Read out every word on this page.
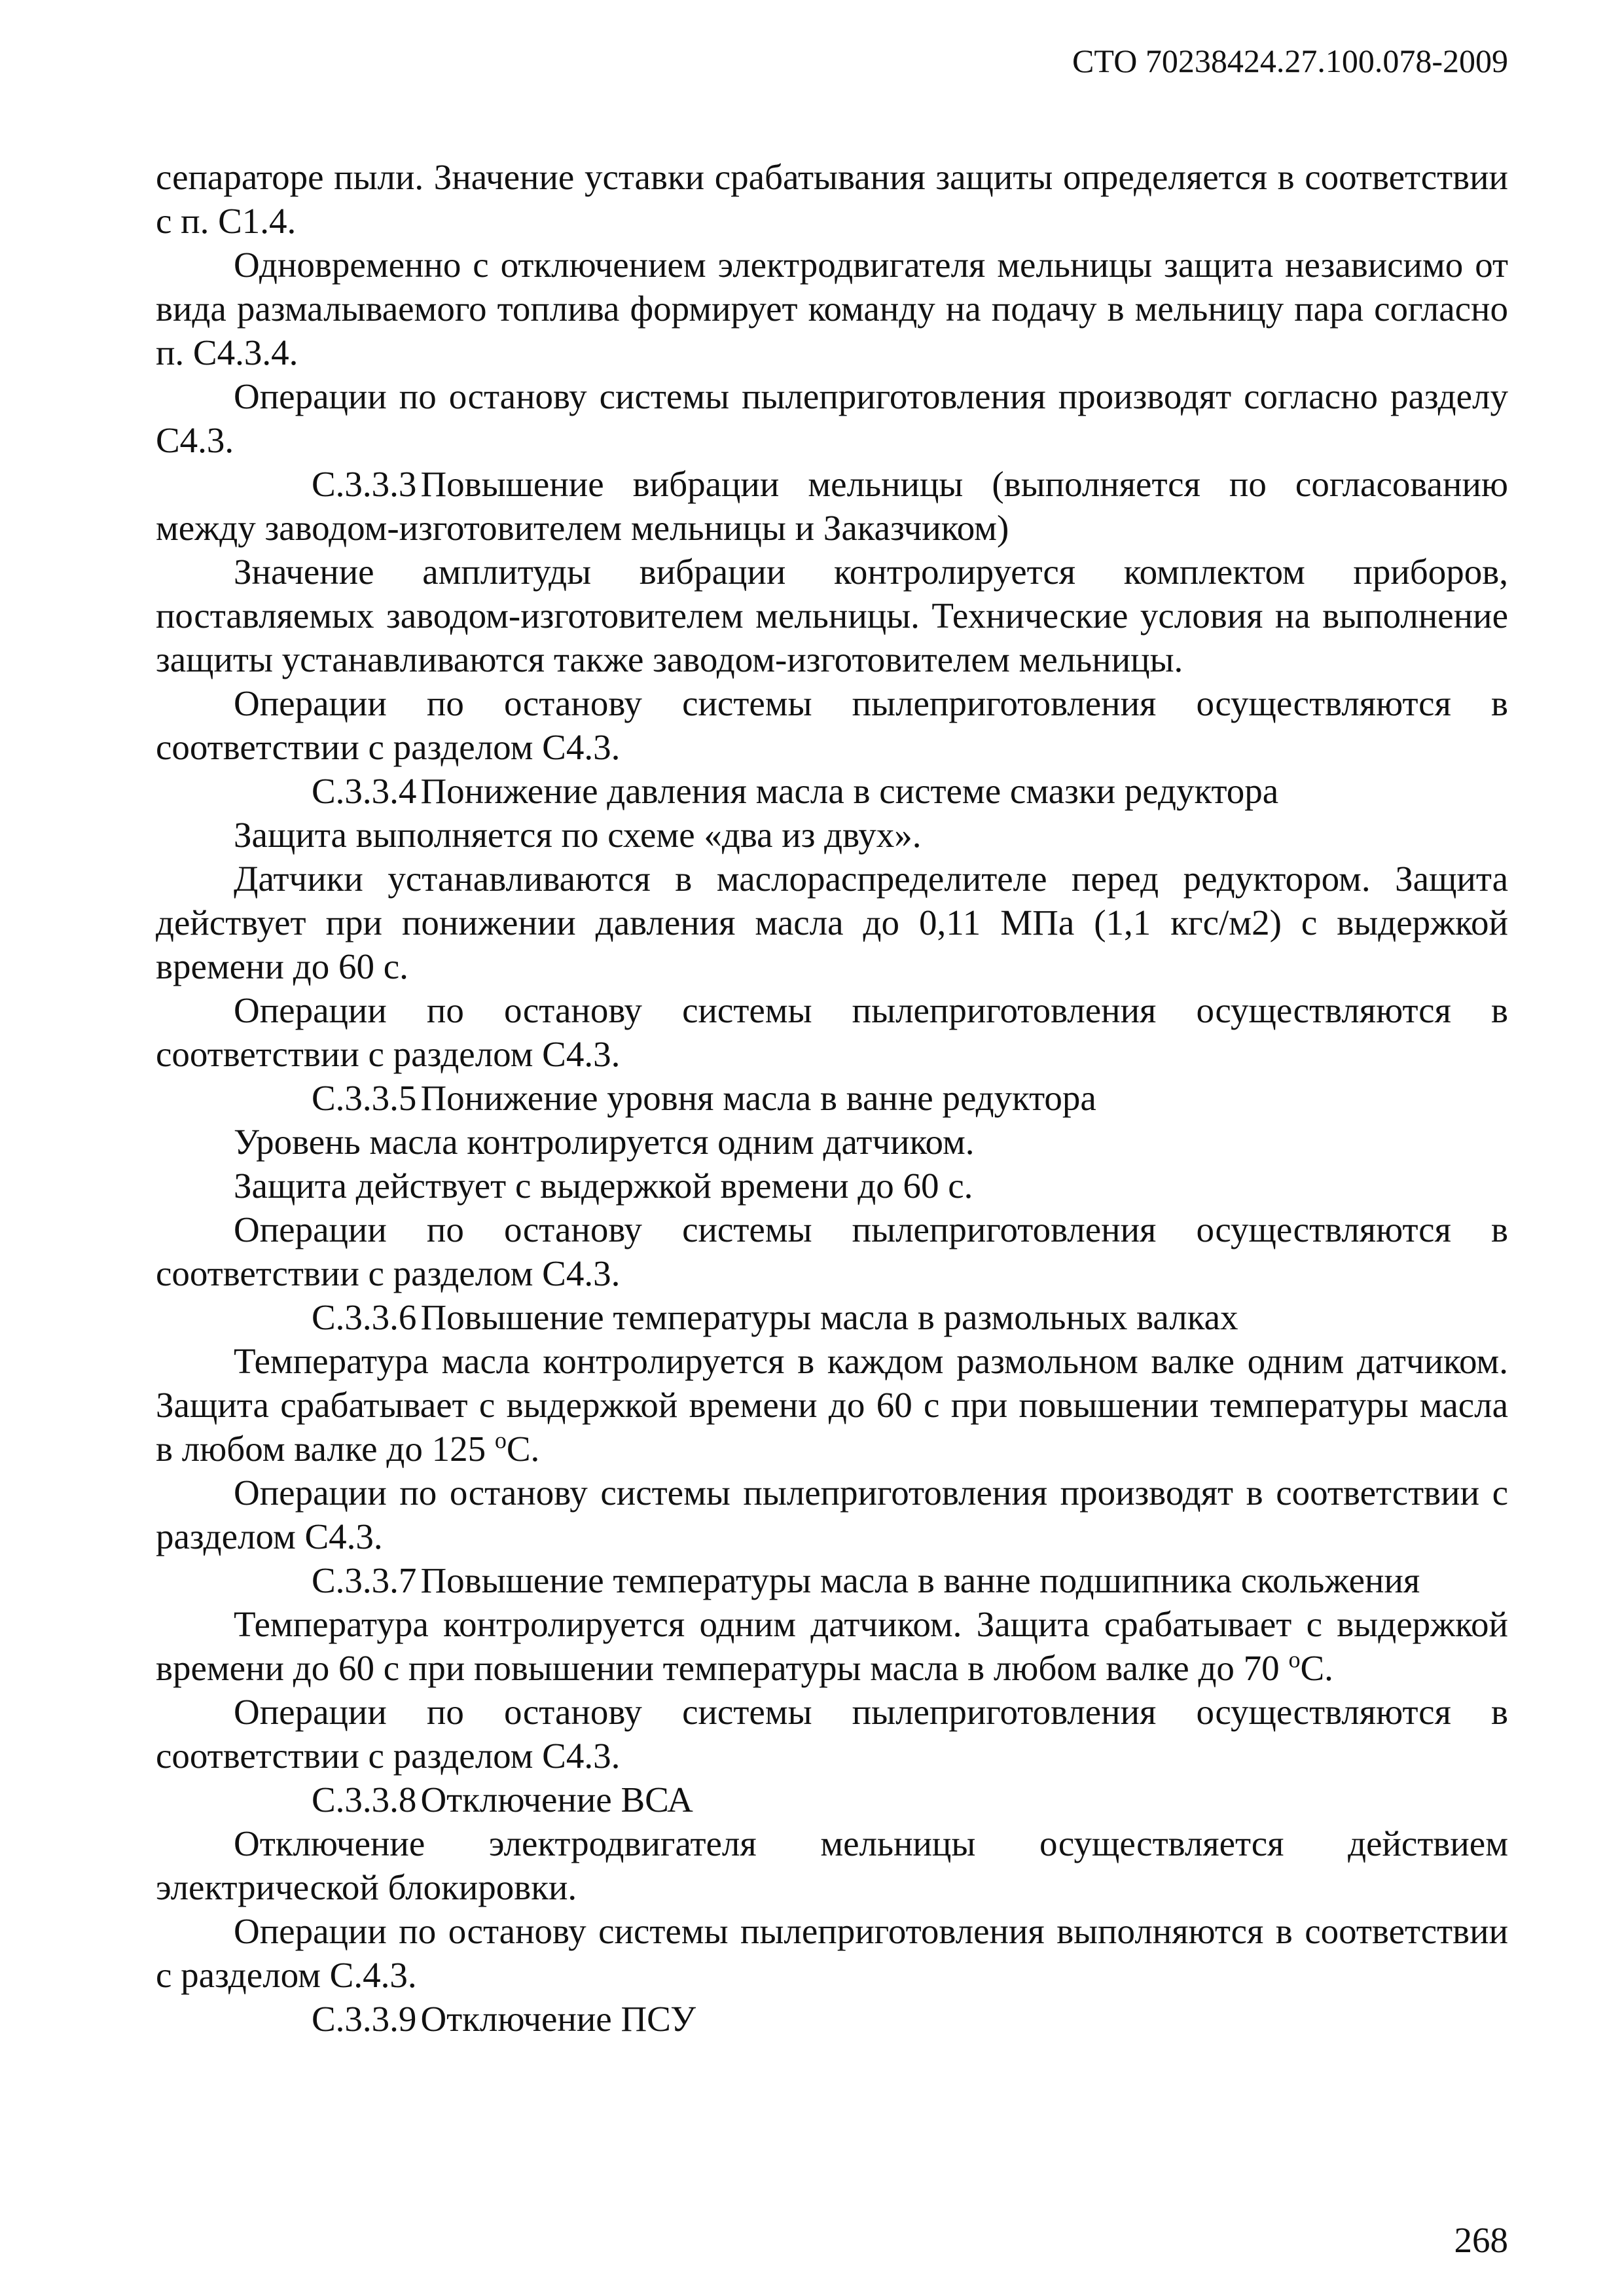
СТО 70238424.27.100.078-2009

сепараторе пыли. Значение уставки срабатывания защиты определяется в соответствии с п. С1.4.

Одновременно с отключением электродвигателя мельницы защита независимо от вида размалываемого топлива формирует команду на подачу в мельницу пара согласно п. С4.3.4.

Операции по останову системы пылеприготовления производят согласно разделу С4.3.

С.3.3.3 Повышение вибрации мельницы (выполняется по согласованию между заводом-изготовителем мельницы и Заказчиком)

Значение амплитуды вибрации контролируется комплектом приборов, поставляемых заводом-изготовителем мельницы. Технические условия на выполнение защиты устанавливаются также заводом-изготовителем мельницы.

Операции по останову системы пылеприготовления осуществляются в соответствии с разделом С4.3.

С.3.3.4 Понижение давления масла в системе смазки редуктора

Защита выполняется по схеме «два из двух».

Датчики устанавливаются в маслораспределителе перед редуктором. Защита действует при понижении давления масла до 0,11 МПа (1,1 кгс/м2) с выдержкой времени до 60 с.

Операции по останову системы пылеприготовления осуществляются в соответствии с разделом С4.3.

С.3.3.5 Понижение уровня масла в ванне редуктора

Уровень масла контролируется одним датчиком.

Защита действует с выдержкой времени до 60 с.

Операции по останову системы пылеприготовления осуществляются в соответствии с разделом С4.3.

С.3.3.6 Повышение температуры масла в размольных валках

Температура масла контролируется в каждом размольном валке одним датчиком. Защита срабатывает с выдержкой времени до 60 с при повышении температуры масла в любом валке до 125 $^о$С.

Операции по останову системы пылеприготовления производят в соответствии с разделом С4.3.

С.3.3.7 Повышение температуры масла в ванне подшипника скольжения

Температура контролируется одним датчиком. Защита срабатывает с выдержкой времени до 60 с при повышении температуры масла в любом валке до 70 $^о$С.

Операции по останову системы пылеприготовления осуществляются в соответствии с разделом С4.3.

С.3.3.8 Отключение ВСА

Отключение электродвигателя мельницы осуществляется действием электрической блокировки.

Операции по останову системы пылеприготовления выполняются в соответствии с разделом С.4.3.

С.3.3.9 Отключение ПСУ

268
